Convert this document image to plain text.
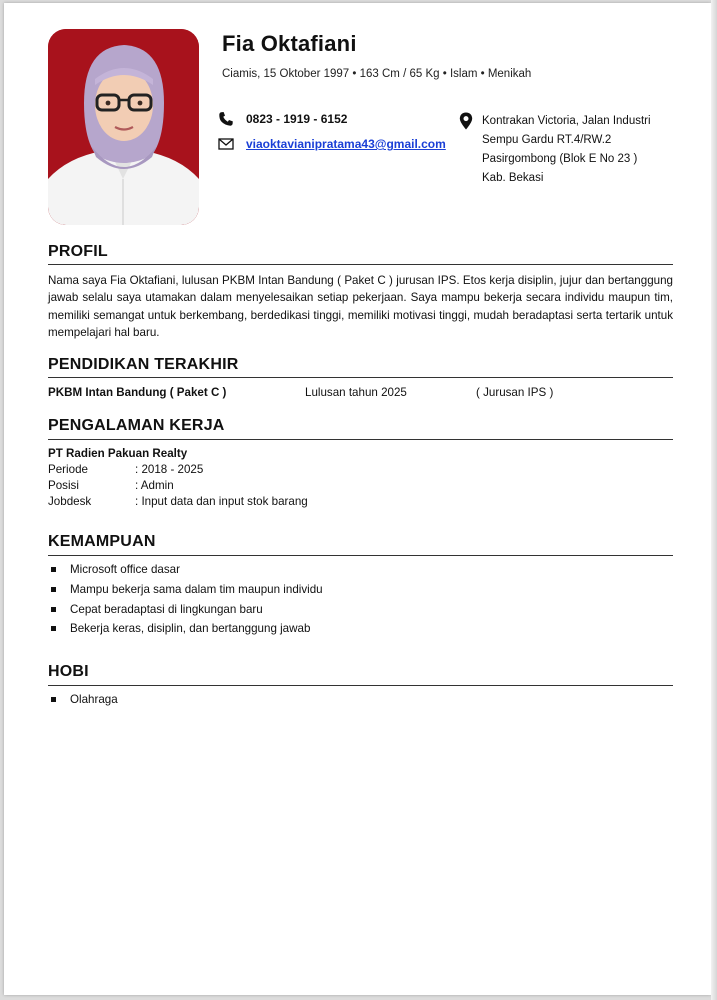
Fia Oktafiani
Ciamis, 15 Oktober 1997 • 163 Cm / 65 Kg • Islam • Menikah
0823 - 1919 - 6152
viaoktavianipratama43@gmail.com
Kontrakan Victoria, Jalan Industri
Sempu Gardu RT.4/RW.2
Pasirgombong (Blok E No 23 )
Kab. Bekasi
PROFIL
Nama saya Fia Oktafiani, lulusan PKBM Intan Bandung ( Paket C ) jurusan IPS. Etos kerja disiplin, jujur dan bertanggung jawab selalu saya utamakan dalam menyelesaikan setiap pekerjaan. Saya mampu bekerja secara individu maupun tim, memiliki semangat untuk berkembang, berdedikasi tinggi, memiliki motivasi tinggi, mudah beradaptasi serta tertarik untuk mempelajari hal baru.
PENDIDIKAN TERAKHIR
PKBM Intan Bandung ( Paket C )	Lulusan tahun 2025	( Jurusan IPS )
PENGALAMAN KERJA
PT Radien Pakuan Realty
Periode	: 2018 - 2025
Posisi	: Admin
Jobdesk	: Input data dan input stok barang
KEMAMPUAN
Microsoft office dasar
Mampu bekerja sama dalam tim maupun individu
Cepat beradaptasi di lingkungan baru
Bekerja keras, disiplin, dan bertanggung jawab
HOBI
Olahraga
